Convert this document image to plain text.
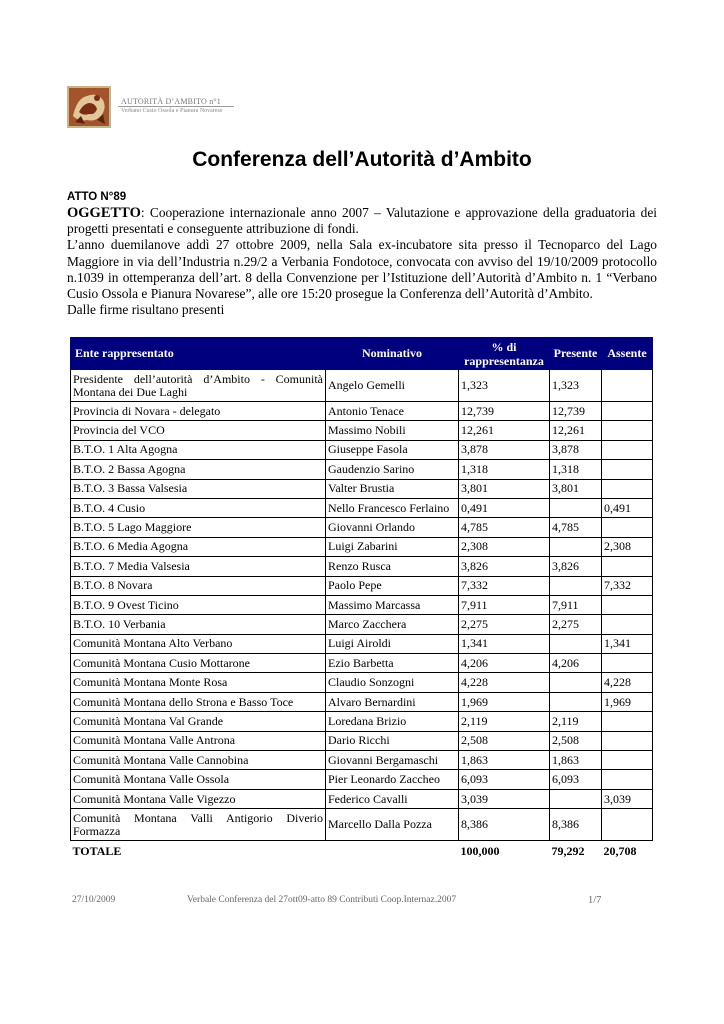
AUTORITÀ D’AMBITO n°1
Verbano Cusio Ossola e Pianura Novarese
Conferenza dell’Autorità d’Ambito
ATTO N°89

OGGETTO: Cooperazione internazionale anno 2007 – Valutazione e approvazione della graduatoria dei progetti presentati e conseguente attribuzione di fondi.

L’anno duemilanove addì 27 ottobre 2009, nella Sala ex-incubatore sita presso il Tecnoparco del Lago Maggiore in via dell’Industria n.29/2 a Verbania Fondotoce, convocata con avviso del 19/10/2009 protocollo n.1039 in ottemperanza dell’art. 8 della Convenzione per l’Istituzione dell’Autorità d’Ambito n. 1 “Verbano Cusio Ossola e Pianura Novarese”, alle ore 15:20 prosegue la Conferenza dell’Autorità d’Ambito.

Dalle firme risultano presenti

Ente rappresentato	Nominativo	% di rappresentanza	Presente	Assente
Presidente dell’autorità d’Ambito - Comunità Montana dei Due Laghi	Angelo Gemelli	1,323	1,323	
Provincia di Novara - delegato	Antonio Tenace	12,739	12,739	
Provincia del VCO	Massimo Nobili	12,261	12,261	
B.T.O. 1 Alta Agogna	Giuseppe Fasola	3,878	3,878	
B.T.O. 2 Bassa Agogna	Gaudenzio Sarino	1,318	1,318	
B.T.O. 3 Bassa Valsesia	Valter Brustia	3,801	3,801	
B.T.O. 4 Cusio	Nello Francesco Ferlaino	0,491		0,491
B.T.O. 5 Lago Maggiore	Giovanni Orlando	4,785	4,785	
B.T.O. 6 Media Agogna	Luigi Zabarini	2,308		2,308
B.T.O. 7 Media Valsesia	Renzo Rusca	3,826	3,826	
B.T.O. 8 Novara	Paolo Pepe	7,332		7,332
B.T.O. 9 Ovest Ticino	Massimo Marcassa	7,911	7,911	
B.T.O. 10 Verbania	Marco Zacchera	2,275	2,275	
Comunità Montana Alto Verbano	Luigi Airoldi	1,341		1,341
Comunità Montana Cusio Mottarone	Ezio Barbetta	4,206	4,206	
Comunità Montana Monte Rosa	Claudio Sonzogni	4,228		4,228
Comunità Montana dello Strona e Basso Toce	Alvaro Bernardini	1,969		1,969
Comunità Montana Val Grande	Loredana Brizio	2,119	2,119	
Comunità Montana Valle Antrona	Dario Ricchi	2,508	2,508	
Comunità Montana Valle Cannobina	Giovanni Bergamaschi	1,863	1,863	
Comunità Montana Valle Ossola	Pier Leonardo Zaccheo	6,093	6,093	
Comunità Montana Valle Vigezzo	Federico Cavalli	3,039		3,039
Comunità Montana Valli Antigorio Diverio Formazza	Marcello Dalla Pozza	8,386	8,386	
TOTALE		100,000	79,292	20,708
27/10/2009	Verbale Conferenza del 27ott09-atto 89 Contributi Coop.Internaz.2007	1/7
